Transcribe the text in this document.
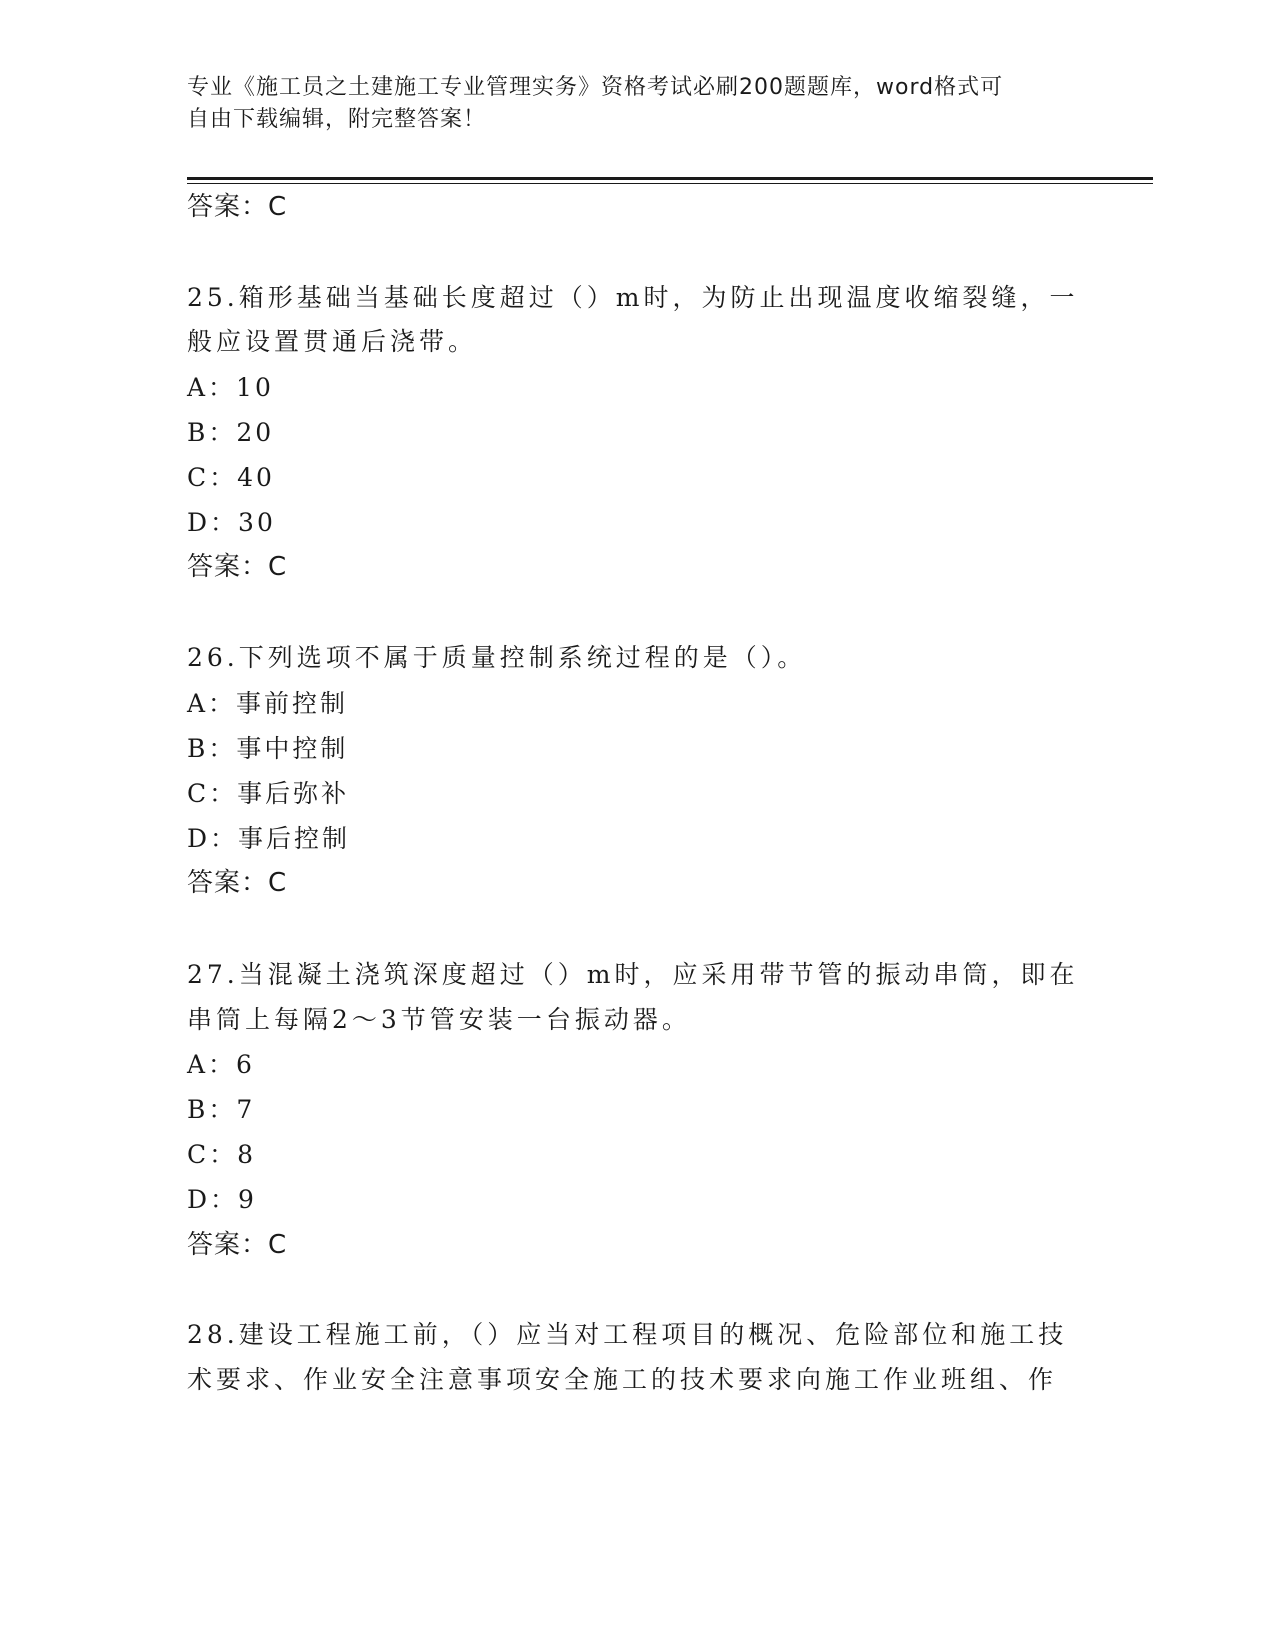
专业《施工员之土建施工专业管理实务》资格考试必刷200题题库，word格式可
自由下载编辑，附完整答案！
答案：C
25.箱形基础当基础长度超过（）m时，为防止出现温度收缩裂缝，一
般应设置贯通后浇带。
A：10
B：20
C：40
D：30
答案：C
26.下列选项不属于质量控制系统过程的是（）。
A：事前控制
B：事中控制
C：事后弥补
D：事后控制
答案：C
27.当混凝土浇筑深度超过（）m时，应采用带节管的振动串筒，即在
串筒上每隔2～3节管安装一台振动器。
A：6
B：7
C：8
D：9
答案：C
28.建设工程施工前，（）应当对工程项目的概况、危险部位和施工技
术要求、作业安全注意事项安全施工的技术要求向施工作业班组、作
